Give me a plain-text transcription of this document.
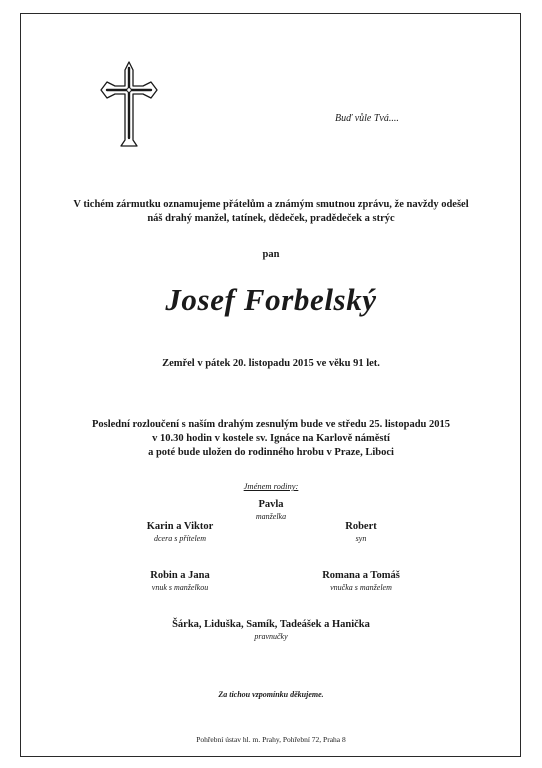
Buď vůle Tvá....
V tichém zármutku oznamujeme přátelům a známým smutnou zprávu, že navždy odešel
náš drahý manžel, tatínek, dědeček, pradědeček a strýc
pan
Josef Forbelský
Zemřel v pátek 20. listopadu 2015 ve věku 91 let.
Poslední rozloučení s naším drahým zesnulým bude ve středu 25. listopadu 2015
v 10.30 hodin v kostele sv. Ignáce na Karlově náměstí
a poté bude uložen do rodinného hrobu v Praze, Liboci
Jménem rodiny:
Pavla
manželka
Karin a Viktor
dcera s přítelem
Robert
syn
Robin a Jana
vnuk s manželkou
Romana a Tomáš
vnučka s manželem
Šárka, Liduška, Samík, Tadeášek a Hanička
pravnučky
Za tichou vzpomínku děkujeme.
Pohřební ústav hl. m. Prahy, Pohřební 72, Praha 8
